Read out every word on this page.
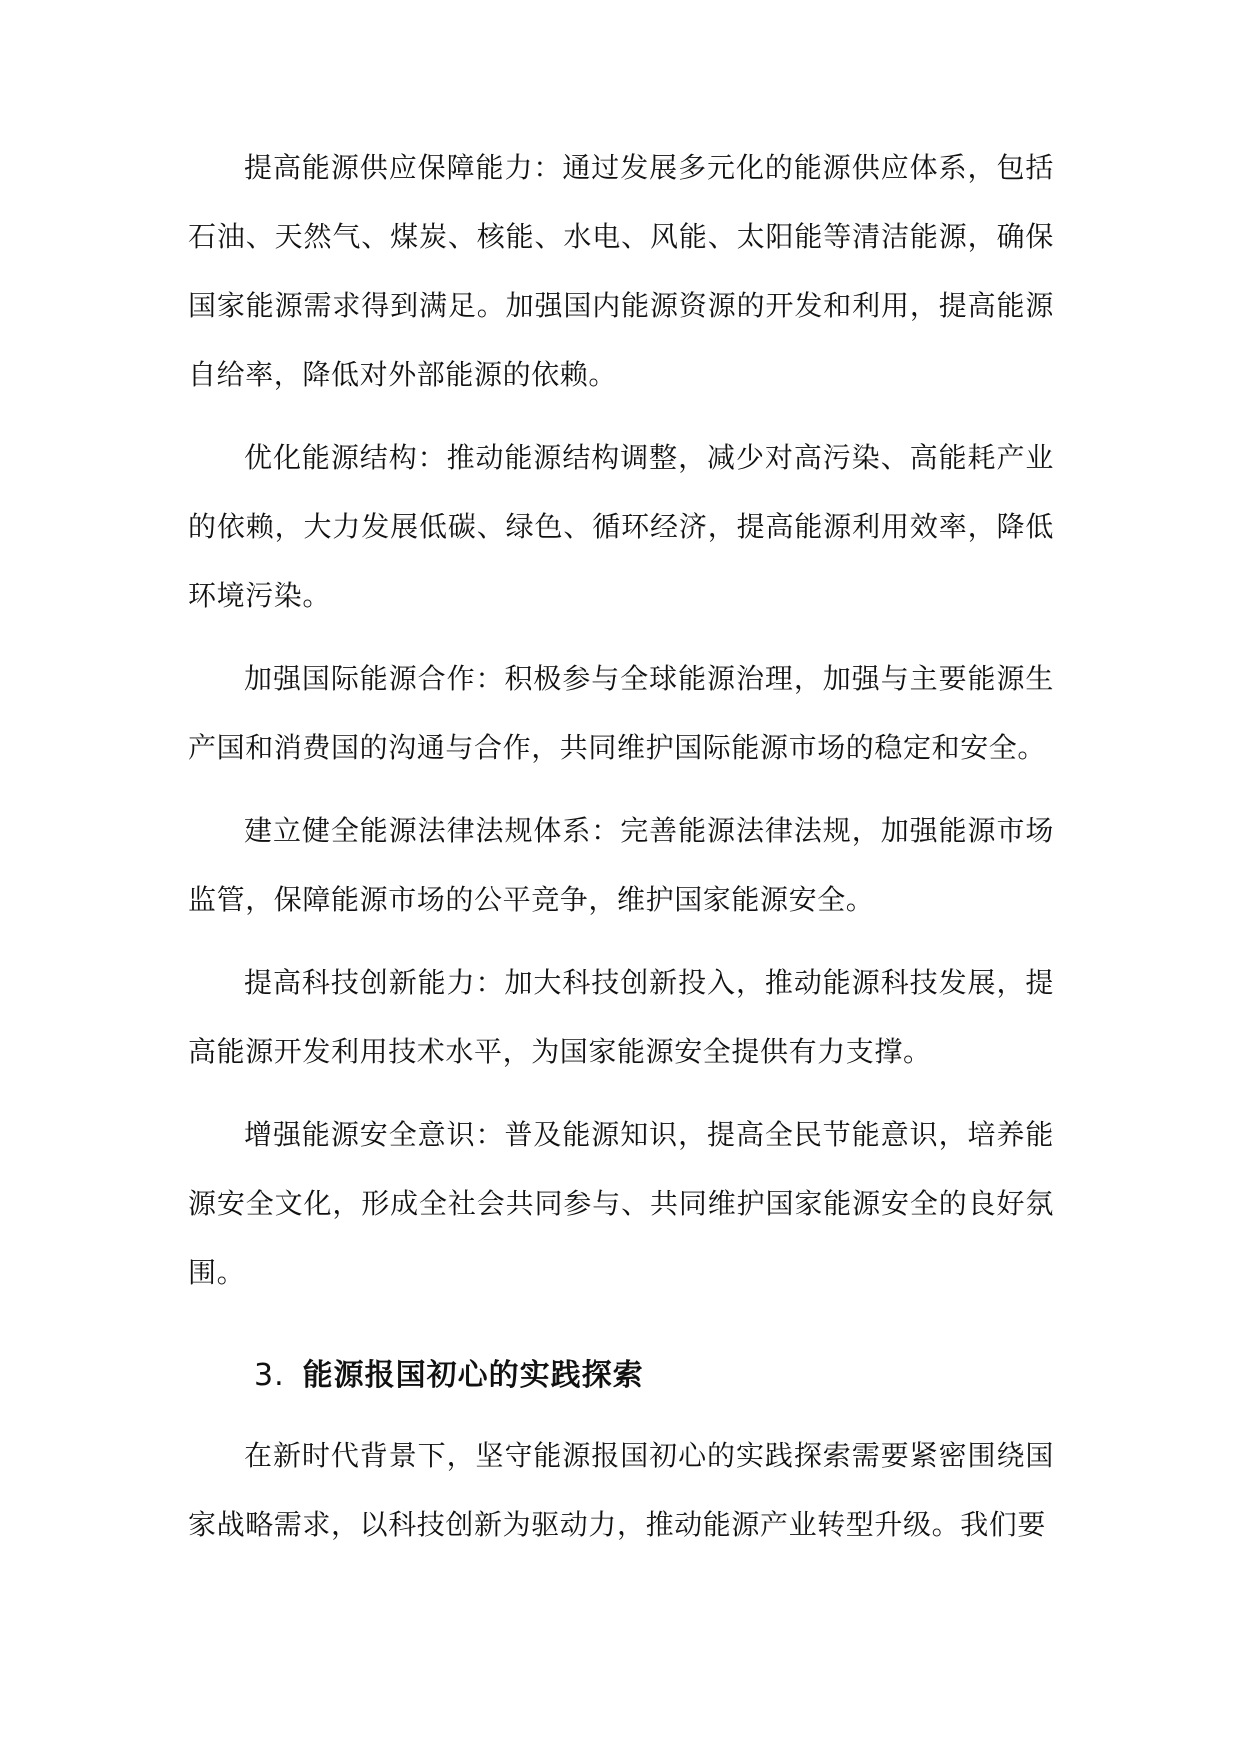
提高能源供应保障能力：通过发展多元化的能源供应体系，包括石油、天然气、煤炭、核能、水电、风能、太阳能等清洁能源，确保国家能源需求得到满足。加强国内能源资源的开发和利用，提高能源自给率，降低对外部能源的依赖。

优化能源结构：推动能源结构调整，减少对高污染、高能耗产业的依赖，大力发展低碳、绿色、循环经济，提高能源利用效率，降低环境污染。

加强国际能源合作：积极参与全球能源治理，加强与主要能源生产国和消费国的沟通与合作，共同维护国际能源市场的稳定和安全。

建立健全能源法律法规体系：完善能源法律法规，加强能源市场监管，保障能源市场的公平竞争，维护国家能源安全。

提高科技创新能力：加大科技创新投入，推动能源科技发展，提高能源开发利用技术水平，为国家能源安全提供有力支撑。

增强能源安全意识：普及能源知识，提高全民节能意识，培养能源安全文化，形成全社会共同参与、共同维护国家能源安全的良好氛围。

3. 能源报国初心的实践探索

在新时代背景下，坚守能源报国初心的实践探索需要紧密围绕国家战略需求，以科技创新为驱动力，推动能源产业转型升级。我们要
